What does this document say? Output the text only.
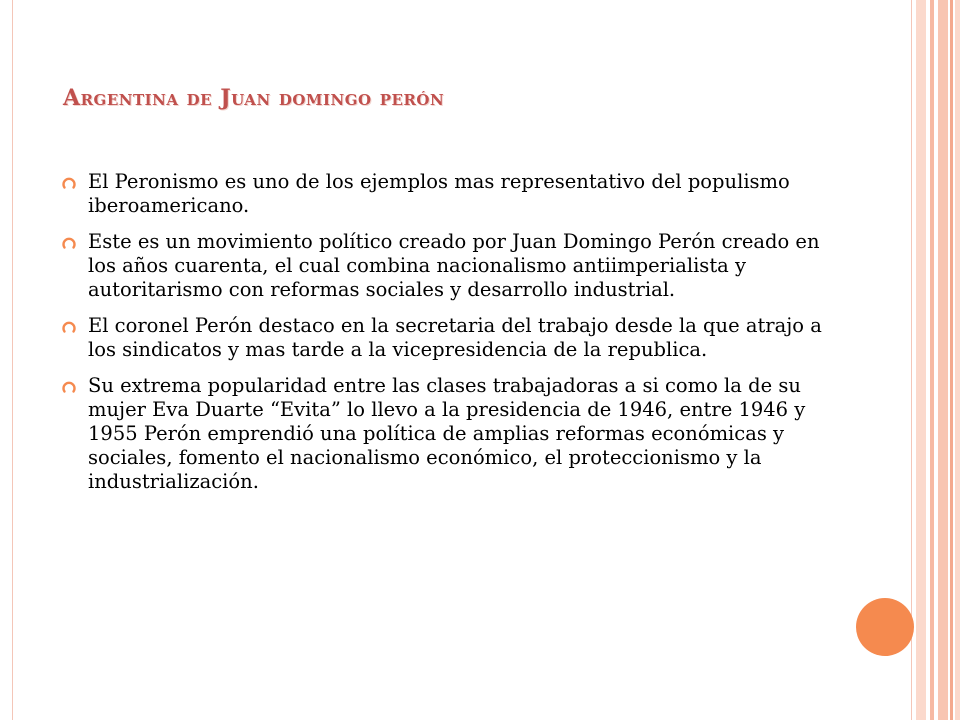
Argentina de Juan domingo perón
El Peronismo es uno de los ejemplos mas representativo del populismo iberoamericano.
Este es un movimiento político creado por Juan Domingo Perón creado en los años cuarenta, el cual combina nacionalismo antiimperialista y autoritarismo con reformas sociales y desarrollo industrial.
El coronel Perón destaco en la secretaria del trabajo desde la que atrajo a los sindicatos y mas tarde a la vicepresidencia de la republica.
Su extrema popularidad entre las clases trabajadoras a si como la de su mujer Eva Duarte “Evita” lo llevo a la presidencia de 1946, entre 1946 y 1955 Perón emprendió una política de amplias reformas económicas y sociales, fomento el nacionalismo económico, el proteccionismo y la industrialización.
